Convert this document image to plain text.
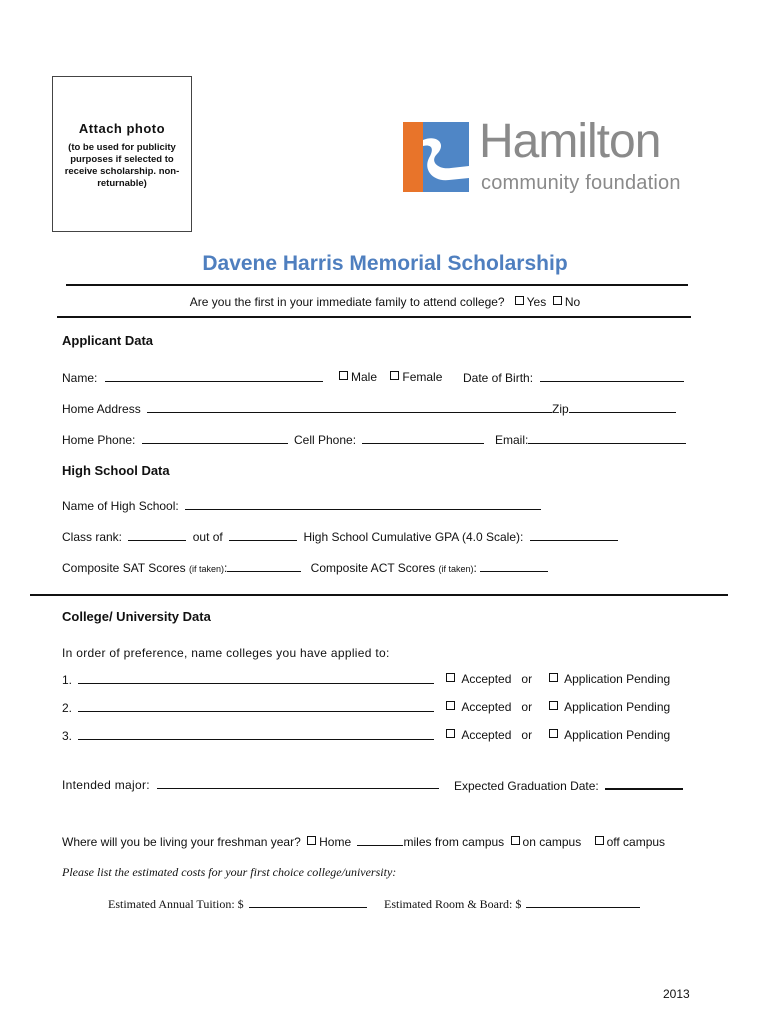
Attach photo
(to be used for publicity purposes if selected to receive scholarship. non-returnable)
Hamilton
community foundation
Davene Harris Memorial Scholarship
Are you the first in your immediate family to attend college? Yes No
Applicant Data
Name:	Male Female Date of Birth:
Home Address	Zip
Home Phone:	Cell Phone:	Email:
High School Data
Name of High School:
Class rank:	out of	High School Cumulative GPA (4.0 Scale):
Composite SAT Scores (if taken):	Composite ACT Scores (if taken):
College/ University Data
In order of preference, name colleges you have applied to:
1.	Accepted or	Application Pending
2.	Accepted or	Application Pending
3.	Accepted or	Application Pending
Intended major:	Expected Graduation Date:
Where will you be living your freshman year? Home	miles from campus on campus off campus
Please list the estimated costs for your first choice college/university:
Estimated Annual Tuition: $	Estimated Room & Board: $
2013
